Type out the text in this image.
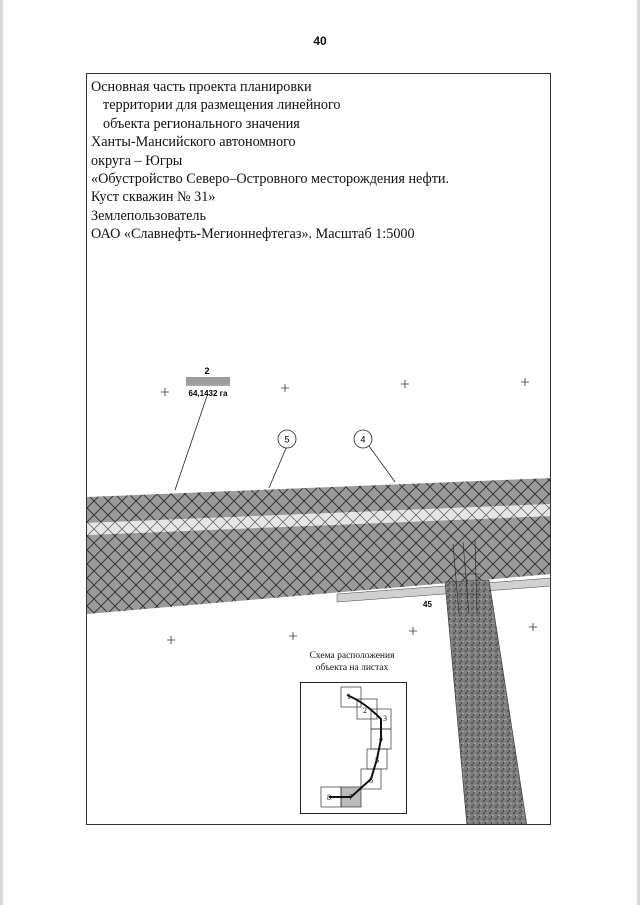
40
2
64,1432 га
5	4
45
Основная часть проекта планировки
территории для размещения линейного
объекта регионального значения
Ханты-Мансийского автономного
округа – Югры
«Обустройство Северо–Островного месторождения нефти.
Куст скважин № 31»
Землепользователь
ОАО «Славнефть-Мегионнефтегаз». Масштаб 1:5000
Схема расположения
объекта на листах
1
2
3
4
5
6
7
8
